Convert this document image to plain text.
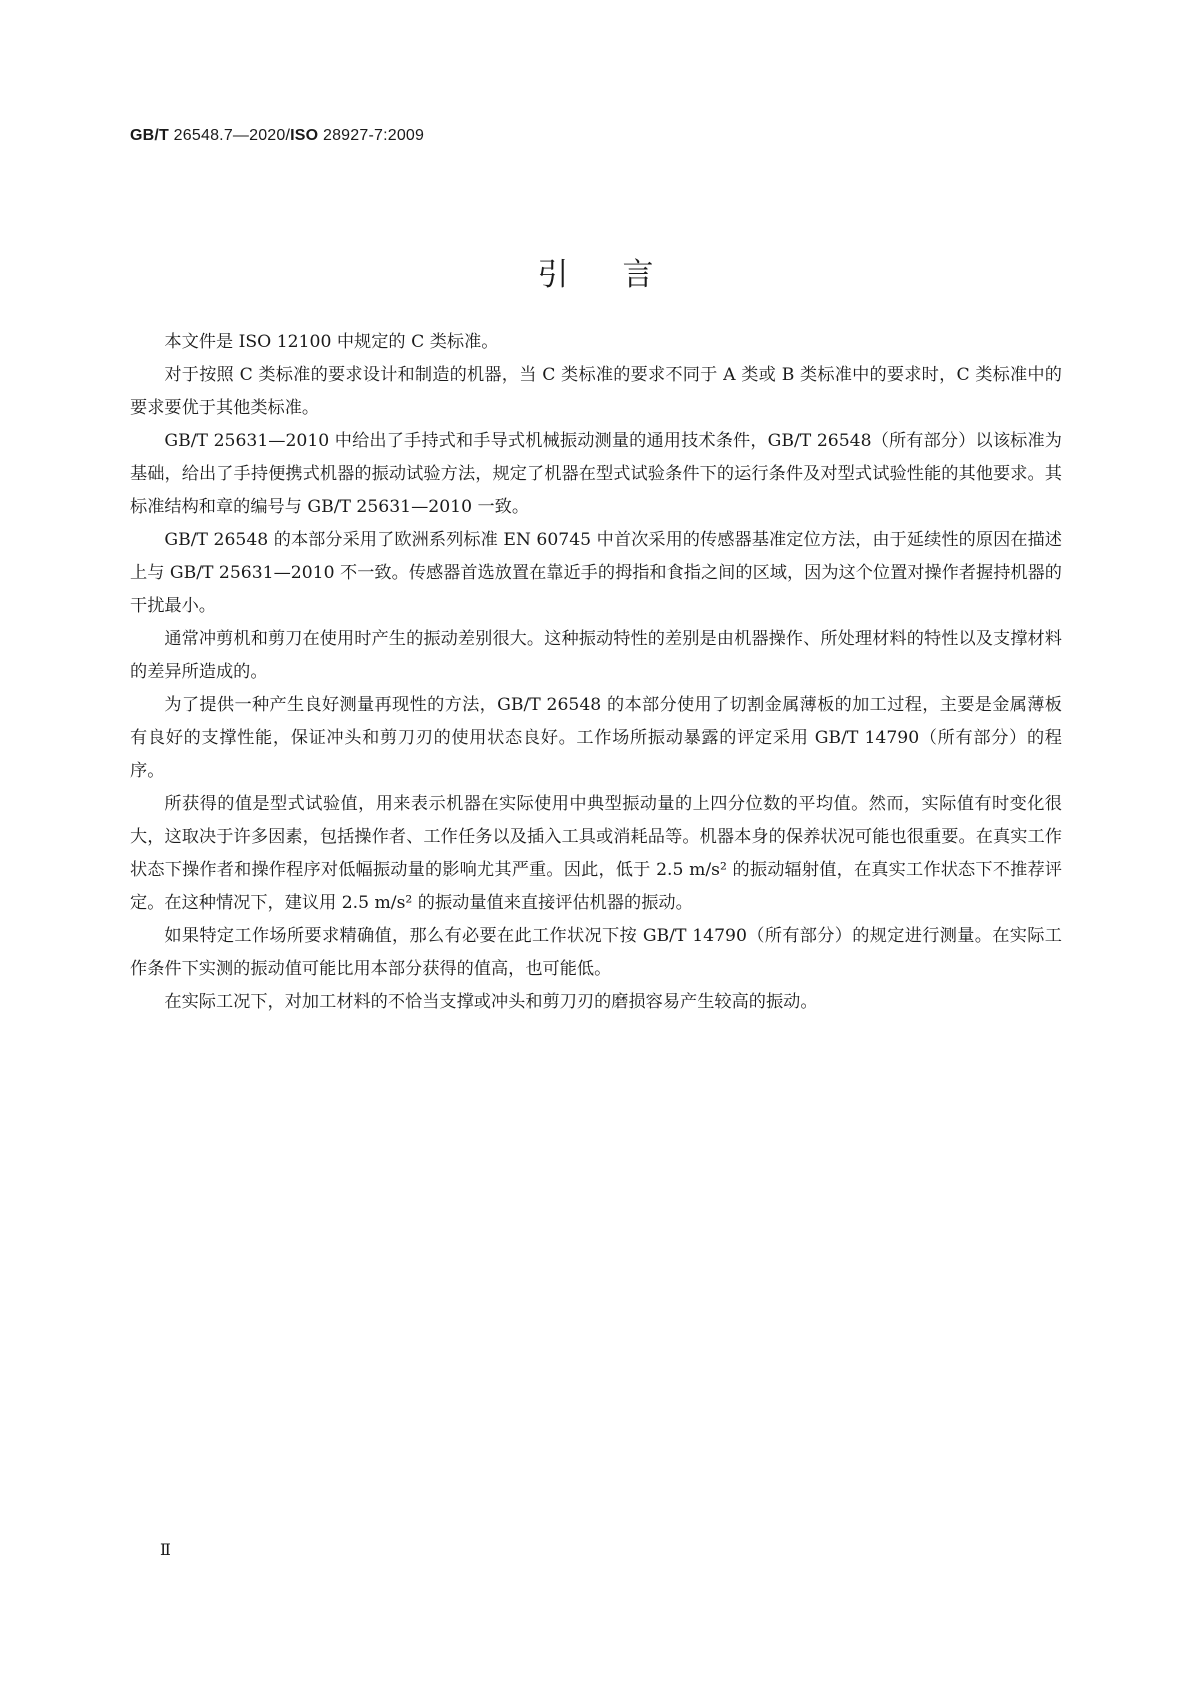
GB/T 26548.7—2020/ISO 28927-7:2009
引言

本文件是 ISO 12100 中规定的 C 类标准。

对于按照 C 类标准的要求设计和制造的机器，当 C 类标准的要求不同于 A 类或 B 类标准中的要求时，C 类标准中的要求要优于其他类标准。

GB/T 25631—2010 中给出了手持式和手导式机械振动测量的通用技术条件，GB/T 26548（所有部分）以该标准为基础，给出了手持便携式机器的振动试验方法，规定了机器在型式试验条件下的运行条件及对型式试验性能的其他要求。其标准结构和章的编号与 GB/T 25631—2010 一致。

GB/T 26548 的本部分采用了欧洲系列标准 EN 60745 中首次采用的传感器基准定位方法，由于延续性的原因在描述上与 GB/T 25631—2010 不一致。传感器首选放置在靠近手的拇指和食指之间的区域，因为这个位置对操作者握持机器的干扰最小。

通常冲剪机和剪刀在使用时产生的振动差别很大。这种振动特性的差别是由机器操作、所处理材料的特性以及支撑材料的差异所造成的。

为了提供一种产生良好测量再现性的方法，GB/T 26548 的本部分使用了切割金属薄板的加工过程，主要是金属薄板有良好的支撑性能，保证冲头和剪刀刃的使用状态良好。工作场所振动暴露的评定采用 GB/T 14790（所有部分）的程序。

所获得的值是型式试验值，用来表示机器在实际使用中典型振动量的上四分位数的平均值。然而，实际值有时变化很大，这取决于许多因素，包括操作者、工作任务以及插入工具或消耗品等。机器本身的保养状况可能也很重要。在真实工作状态下操作者和操作程序对低幅振动量的影响尤其严重。因此，低于 2.5 m/s² 的振动辐射值，在真实工作状态下不推荐评定。在这种情况下，建议用 2.5 m/s² 的振动量值来直接评估机器的振动。

如果特定工作场所要求精确值，那么有必要在此工作状况下按 GB/T 14790（所有部分）的规定进行测量。在实际工作条件下实测的振动值可能比用本部分获得的值高，也可能低。

在实际工况下，对加工材料的不恰当支撑或冲头和剪刀刃的磨损容易产生较高的振动。

Ⅱ
